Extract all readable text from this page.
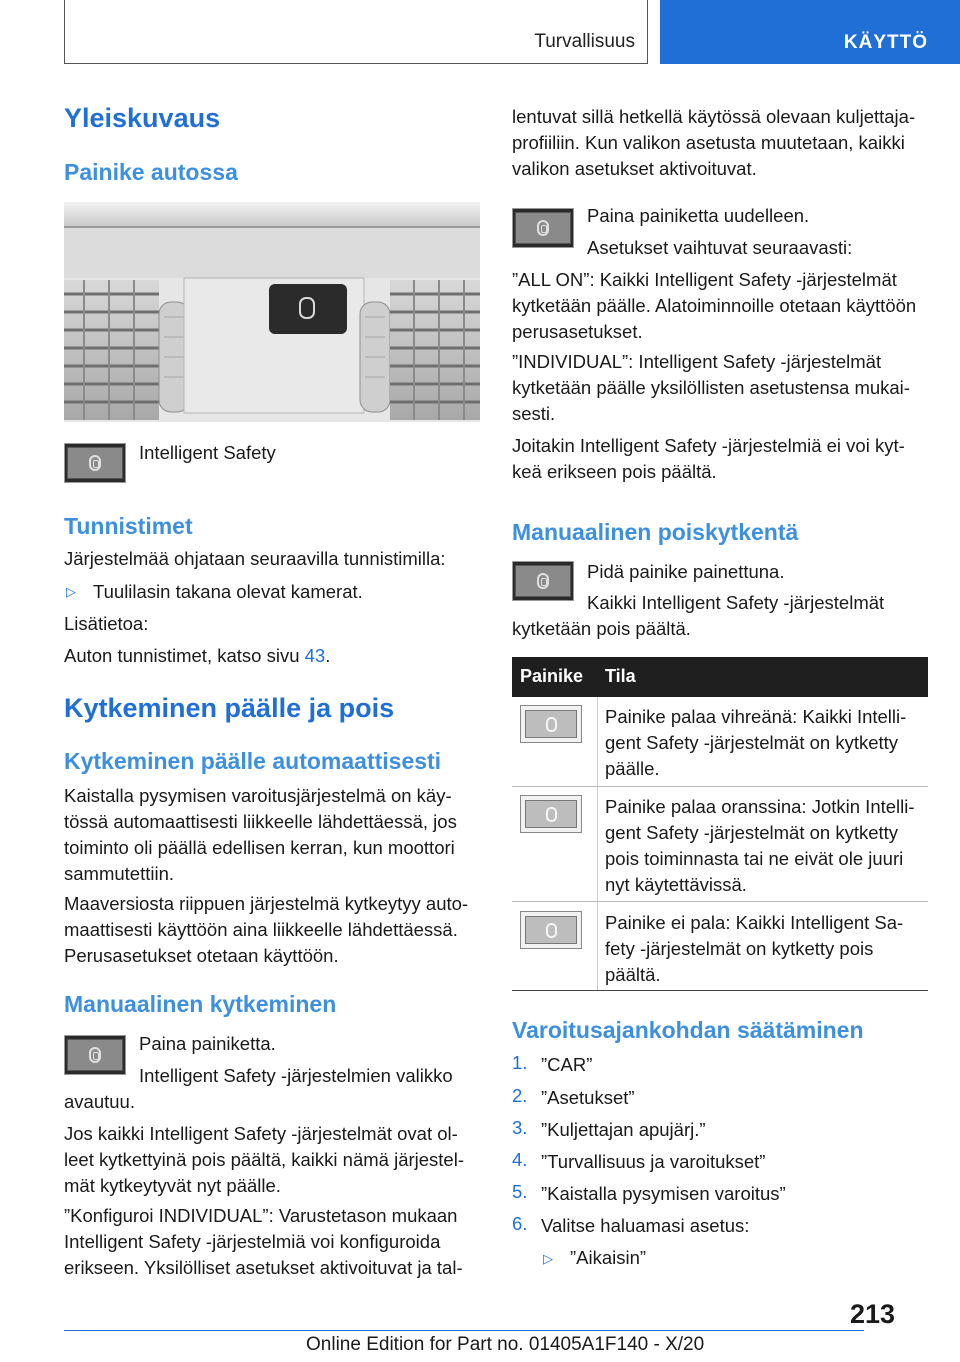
Turvallisuus	KÄYTTÖ
Yleiskuvaus
Painike autossa

Intelligent Safety

Tunnistimet

Järjestelmää ohjataan seuraavilla tunnistimilla:

▷ Tuulilasin takana olevat kamerat.

Lisätietoa:

Auton tunnistimet, katso sivu 43.

Kytkeminen päälle ja pois
Kytkeminen päälle automaattisesti

Kaistalla pysymisen varoitusjärjestelmä on käy-

tössä automaattisesti liikkeelle lähdettäessä, jos

toiminto oli päällä edellisen kerran, kun moottori

sammutettiin.

Maaversiosta riippuen järjestelmä kytkeytyy auto-

maattisesti käyttöön aina liikkeelle lähdettäessä.

Perusasetukset otetaan käyttöön.

Manuaalinen kytkeminen

Paina painiketta.

Intelligent Safety -järjestelmien valikko

avautuu.

Jos kaikki Intelligent Safety -järjestelmät ovat ol-

leet kytkettyinä pois päältä, kaikki nämä järjestel-

mät kytkeytyvät nyt päälle.

”Konfiguroi INDIVIDUAL”: Varustetason mukaan

Intelligent Safety -järjestelmiä voi konfiguroida

erikseen. Yksilölliset asetukset aktivoituvat ja tal-

lentuvat sillä hetkellä käytössä olevaan kuljettaja-

profiiliin. Kun valikon asetusta muutetaan, kaikki

valikon asetukset aktivoituvat.

Paina painiketta uudelleen.

Asetukset vaihtuvat seuraavasti:

”ALL ON”: Kaikki Intelligent Safety -järjestelmät

kytketään päälle. Alatoiminnoille otetaan käyttöön

perusasetukset.

”INDIVIDUAL”: Intelligent Safety -järjestelmät

kytketään päälle yksilöllisten asetustensa mukai-

sesti.

Joitakin Intelligent Safety -järjestelmiä ei voi kyt-

keä erikseen pois päältä.

Manuaalinen poiskytkentä

Pidä painike painettuna.

Kaikki Intelligent Safety -järjestelmät

kytketään pois päältä.

Painike Tila

Painike palaa vihreänä: Kaikki Intelli-

gent Safety -järjestelmät on kytketty

päälle.

Painike palaa oranssina: Jotkin Intelli-

gent Safety -järjestelmät on kytketty

pois toiminnasta tai ne eivät ole juuri

nyt käytettävissä.

Painike ei pala: Kaikki Intelligent Sa-

fety -järjestelmät on kytketty pois

päältä.

Varoitusajankohdan säätäminen
1. ”CAR”

2. ”Asetukset”

3. ”Kuljettajan apujärj.”

4. ”Turvallisuus ja varoitukset”

5. ”Kaistalla pysymisen varoitus”

6. Valitse haluamasi asetus:

▷ ”Aikaisin”

213
Online Edition for Part no. 01405A1F140 - X/20
